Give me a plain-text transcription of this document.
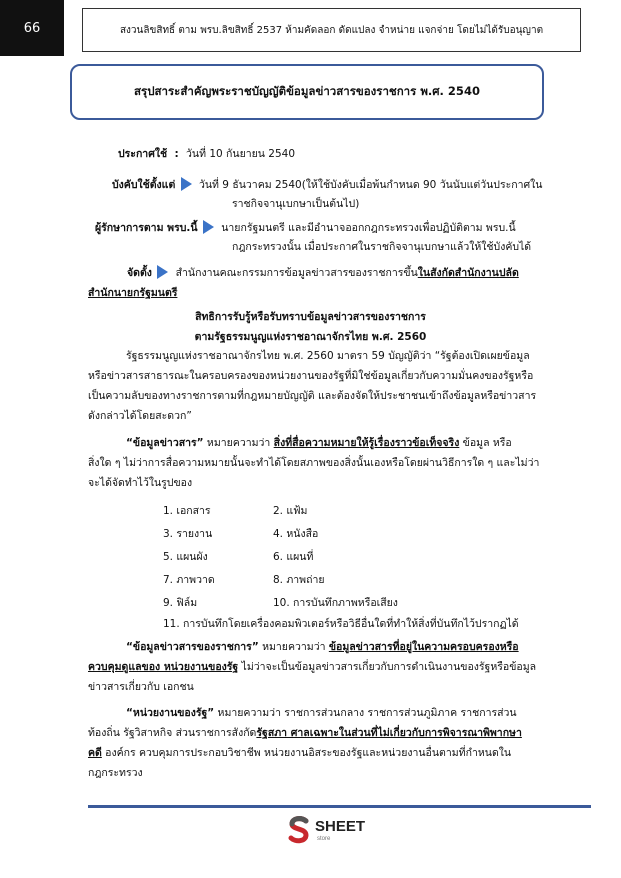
66	สงวนลิขสิทธิ์ ตาม พรบ.ลิขสิทธิ์ 2537 ห้ามคัดลอก ดัดแปลง จำหน่าย แจกจ่าย โดยไม่ได้รับอนุญาต
สรุปสาระสำคัญพระราชบัญญัติข้อมูลข่าวสารของราชการ พ.ศ. 2540
ประกาศใช้ : วันที่ 10 กันยายน 2540
บังคับใช้ตั้งแต่ วันที่ 9 ธันวาคม 2540(ให้ใช้บังคับเมื่อพ้นกำหนด 90 วันนับแต่วันประกาศใน
ราชกิจจานุเบกษาเป็นต้นไป)
ผู้รักษาการตาม พรบ.นี้ นายกรัฐมนตรี และมีอำนาจออกกฎกระทรวงเพื่อปฏิบัติตาม พรบ.นี้
กฎกระทรวงนั้น เมื่อประกาศในราชกิจจานุเบกษาแล้วให้ใช้บังคับได้
จัดตั้ง สำนักงานคณะกรรมการข้อมูลข่าวสารของราชการขึ้นในสังกัดสำนักงานปลัด
สำนักนายกรัฐมนตรี
สิทธิการรับรู้หรือรับทราบข้อมูลข่าวสารของราชการ
ตามรัฐธรรมนูญแห่งราชอาณาจักรไทย พ.ศ. 2560
รัฐธรรมนูญแห่งราชอาณาจักรไทย พ.ศ. 2560 มาตรา 59 บัญญัติว่า “รัฐต้องเปิดเผยข้อมูล
หรือข่าวสารสาธารณะในครอบครองของหน่วยงานของรัฐที่มิใช่ข้อมูลเกี่ยวกับความมั่นคงของรัฐหรือ
เป็นความลับของทางราชการตามที่กฎหมายบัญญัติ และต้องจัดให้ประชาชนเข้าถึงข้อมูลหรือข่าวสาร
ดังกล่าวได้โดยสะดวก”
“ข้อมูลข่าวสาร” หมายความว่า สิ่งที่สื่อความหมายให้รู้เรื่องราวข้อเท็จจริง ข้อมูล หรือ
สิ่งใด ๆ ไม่ว่าการสื่อความหมายนั้นจะทำได้โดยสภาพของสิ่งนั้นเองหรือโดยผ่านวิธีการใด ๆ และไม่ว่า
จะได้จัดทำไว้ในรูปของ
1. เอกสาร	2. แฟ้ม
3. รายงาน	4. หนังสือ
5. แผนผัง	6. แผนที่
7. ภาพวาด	8. ภาพถ่าย
9. ฟิล์ม	10. การบันทึกภาพหรือเสียง
11. การบันทึกโดยเครื่องคอมพิวเตอร์หรือวิธีอื่นใดที่ทำให้สิ่งที่บันทึกไว้ปรากฏได้
“ข้อมูลข่าวสารของราชการ” หมายความว่า ข้อมูลข่าวสารที่อยู่ในความครอบครองหรือ
ควบคุมดูแลของ หน่วยงานของรัฐ ไม่ว่าจะเป็นข้อมูลข่าวสารเกี่ยวกับการดำเนินงานของรัฐหรือข้อมูล
ข่าวสารเกี่ยวกับ เอกชน
“หน่วยงานของรัฐ” หมายความว่า ราชการส่วนกลาง ราชการส่วนภูมิภาค ราชการส่วน
ท้องถิ่น รัฐวิสาหกิจ ส่วนราชการสังกัดรัฐสภา ศาลเฉพาะในส่วนที่ไม่เกี่ยวกับการพิจารณาพิพากษา
คดี องค์กร ควบคุมการประกอบวิชาชีพ หน่วยงานอิสระของรัฐและหน่วยงานอื่นตามที่กำหนดใน
กฎกระทรวง
SHEET
store
